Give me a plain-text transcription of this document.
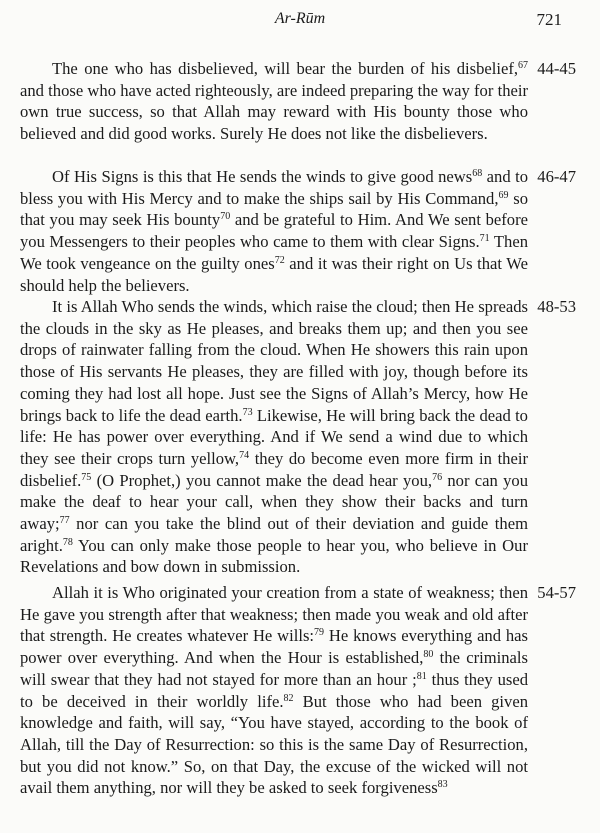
Ar-Rūm	721
The one who has disbelieved, will bear the burden of his disbelief,$^{67}$ and those who have acted righteously, are indeed preparing the way for their own true success, so that Allah may reward with His bounty those who believed and did good works. Surely He does not like the disbelievers.
44-45
Of His Signs is this that He sends the winds to give good news$^{68}$ and to bless you with His Mercy and to make the ships sail by His Command,$^{69}$ so that you may seek His bounty$^{70}$ and be grateful to Him. And We sent before you Messengers to their peoples who came to them with clear Signs.$^{71}$ Then We took vengeance on the guilty ones$^{72}$ and it was their right on Us that We should help the believers.
46-47
It is Allah Who sends the winds, which raise the cloud; then He spreads the clouds in the sky as He pleases, and breaks them up; and then you see drops of rainwater falling from the cloud. When He showers this rain upon those of His servants He pleases, they are filled with joy, though before its coming they had lost all hope. Just see the Signs of Allah’s Mercy, how He brings back to life the dead earth.$^{73}$ Likewise, He will bring back the dead to life: He has power over everything. And if We send a wind due to which they see their crops turn yellow,$^{74}$ they do become even more firm in their disbelief.$^{75}$ (O Prophet,) you cannot make the dead hear you,$^{76}$ nor can you make the deaf to hear your call, when they show their backs and turn away;$^{77}$ nor can you take the blind out of their deviation and guide them aright.$^{78}$ You can only make those people to hear you, who believe in Our Revelations and bow down in submission.
48-53
Allah it is Who originated your creation from a state of weakness; then He gave you strength after that weakness; then made you weak and old after that strength. He creates whatever He wills:$^{79}$ He knows everything and has power over everything. And when the Hour is established,$^{80}$ the criminals will swear that they had not stayed for more than an hour ;$^{81}$ thus they used to be deceived in their worldly life.$^{82}$ But those who had been given knowledge and faith, will say, “You have stayed, according to the book of Allah, till the Day of Resurrection: so this is the same Day of Resurrection, but you did not know.” So, on that Day, the excuse of the wicked will not avail them anything, nor will they be asked to seek forgiveness$^{83}$
54-57
